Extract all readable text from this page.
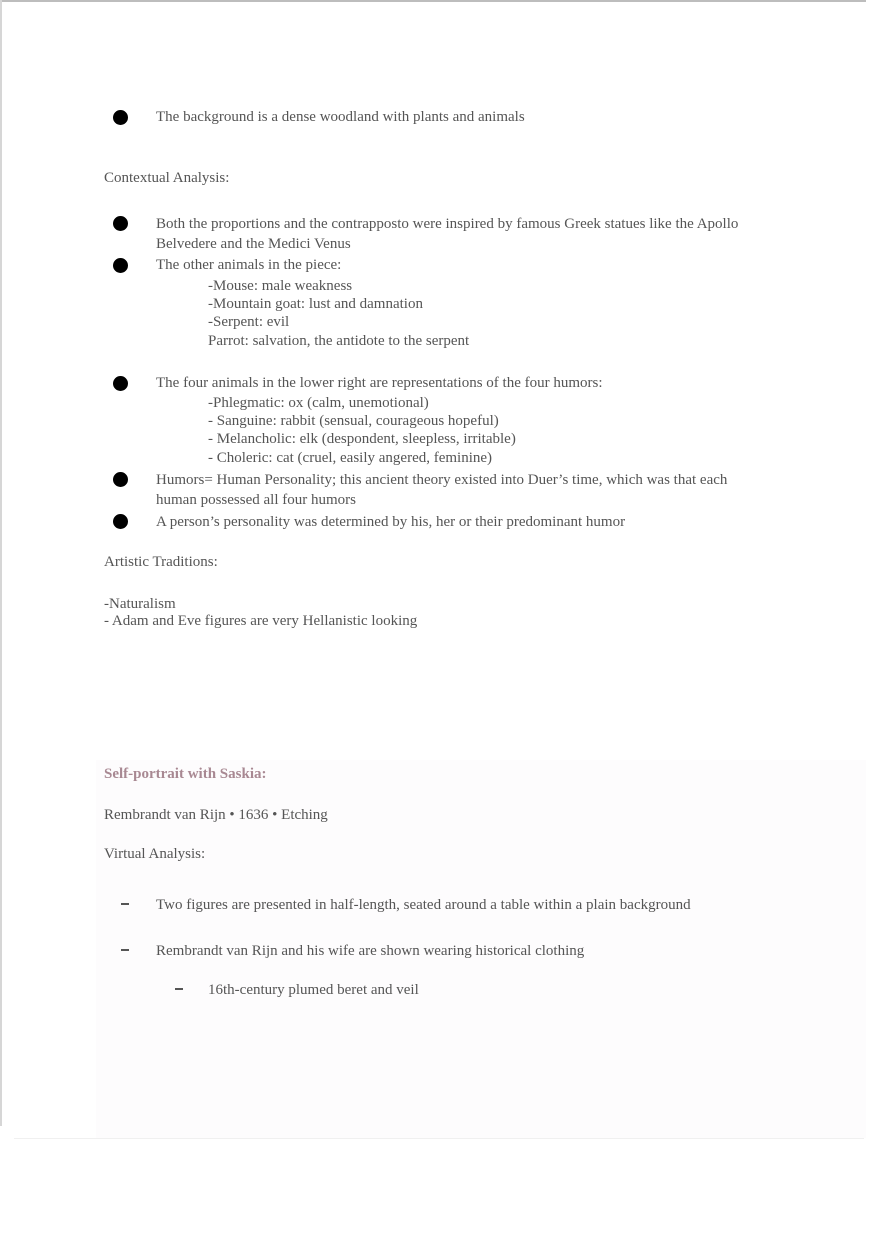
The background is a dense woodland with plants and animals
Contextual Analysis:
Both the proportions and the contrapposto were inspired by famous Greek statues like the Apollo
Belvedere and the Medici Venus
The other animals in the piece:
-Mouse: male weakness
-Mountain goat: lust and damnation
-Serpent: evil
Parrot: salvation, the antidote to the serpent
The four animals in the lower right are representations of the four humors:
-Phlegmatic: ox (calm, unemotional)
- Sanguine: rabbit (sensual, courageous hopeful)
- Melancholic: elk (despondent, sleepless, irritable)
- Choleric: cat (cruel, easily angered, feminine)
Humors= Human Personality; this ancient theory existed into Duer’s time, which was that each
human possessed all four humors
A person’s personality was determined by his, her or their predominant humor
Artistic Traditions:
-Naturalism
- Adam and Eve figures are very Hellanistic looking
Self-portrait with Saskia:
Rembrandt van Rijn • 1636 • Etching
Virtual Analysis:
Two figures are presented in half-length, seated around a table within a plain background
Rembrandt van Rijn and his wife are shown wearing historical clothing
16th-century plumed beret and veil
